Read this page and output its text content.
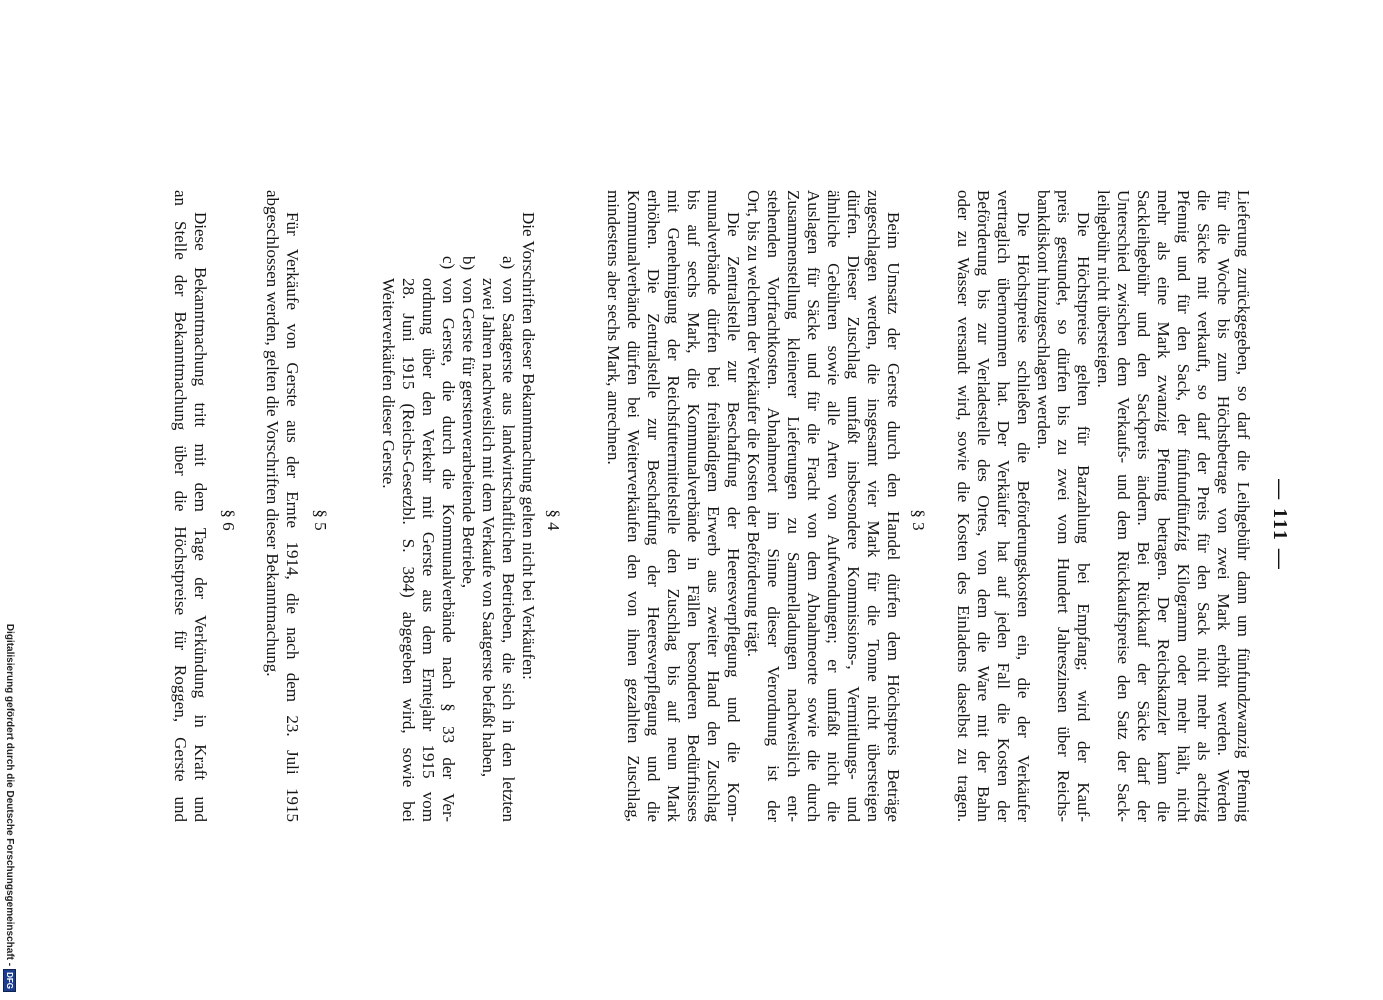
— 111 —
Lieferung zurückgegeben, so darf die Leihgebühr dann um fünfundzwanzig Pfennig
für die Woche bis zum Höchstbetrage von zwei Mark erhöht werden. Werden
die Säcke mit verkauft, so darf der Preis für den Sack nicht mehr als achtzig
Pfennig und für den Sack, der fünfundfünfzig Kilogramm oder mehr hält, nicht
mehr als eine Mark zwanzig Pfennig betragen. Der Reichskanzler kann die
Sackleihgebühr und den Sackpreis ändern. Bei Rückkauf der Säcke darf der
Unterschied zwischen dem Verkaufs- und dem Rückkaufspreise den Satz der Sack-
leihgebühr nicht übersteigen.
Die Höchstpreise gelten für Barzahlung bei Empfang; wird der Kauf-
preis gestundet, so dürfen bis zu zwei vom Hundert Jahreszinsen über Reichs-
bankdiskont hinzugeschlagen werden.
Die Höchstpreise schließen die Beförderungskosten ein, die der Verkäufer
vertraglich übernommen hat. Der Verkäufer hat auf jeden Fall die Kosten der
Beförderung bis zur Verladestelle des Ortes, von dem die Ware mit der Bahn
oder zu Wasser versandt wird, sowie die Kosten des Einladens daselbst zu tragen.
§ 3
Beim Umsatz der Gerste durch den Handel dürfen dem Höchstpreis Beträge
zugeschlagen werden, die insgesamt vier Mark für die Tonne nicht übersteigen
dürfen. Dieser Zuschlag umfaßt insbesondere Kommissions-, Vermittlungs- und
ähnliche Gebühren sowie alle Arten von Aufwendungen; er umfaßt nicht die
Auslagen für Säcke und für die Fracht von dem Abnahmeorte sowie die durch
Zusammenstellung kleinerer Lieferungen zu Sammelladungen nachweislich ent-
stehenden Vorfrachtkosten. Abnahmeort im Sinne dieser Verordnung ist der
Ort, bis zu welchem der Verkäufer die Kosten der Beförderung trägt.
Die Zentralstelle zur Beschaffung der Heeresverpflegung und die Kom-
munalverbände dürfen bei freihändigem Erwerb aus zweiter Hand den Zuschlag
bis auf sechs Mark, die Kommunalverbände in Fällen besonderen Bedürfnisses
mit Genehmigung der Reichsfuttermittelstelle den Zuschlag bis auf neun Mark
erhöhen. Die Zentralstelle zur Beschaffung der Heeresverpflegung und die
Kommunalverbände dürfen bei Weiterverkäufen den von ihnen gezahlten Zuschlag,
mindestens aber sechs Mark, anrechnen.
§ 4
Die Vorschriften dieser Bekanntmachung gelten nicht bei Verkäufen:
a)
von Saatgerste aus landwirtschaftlichen Betrieben, die sich in den letzten
zwei Jahren nachweislich mit dem Verkaufe von Saatgerste befaßt haben,
b)
von Gerste für gerstenverarbeitende Betriebe,
c)
von Gerste, die durch die Kommunalverbände nach § 33 der Ver-
ordnung über den Verkehr mit Gerste aus dem Erntejahr 1915 vom
28. Juni 1915 (Reichs-Gesetzbl. S. 384) abgegeben wird, sowie bei
Weiterverkäufen dieser Gerste.
§ 5
Für Verkäufe von Gerste aus der Ernte 1914, die nach dem 23. Juli 1915
abgeschlossen werden, gelten die Vorschriften dieser Bekanntmachung.
§ 6
Diese Bekanntmachung tritt mit dem Tage der Verkündung in Kraft und
an Stelle der Bekanntmachung über die Höchstpreise für Roggen, Gerste und
Digitalisierung gefördert durch die Deutsche Forschungsgemeinschaft -
DFG
